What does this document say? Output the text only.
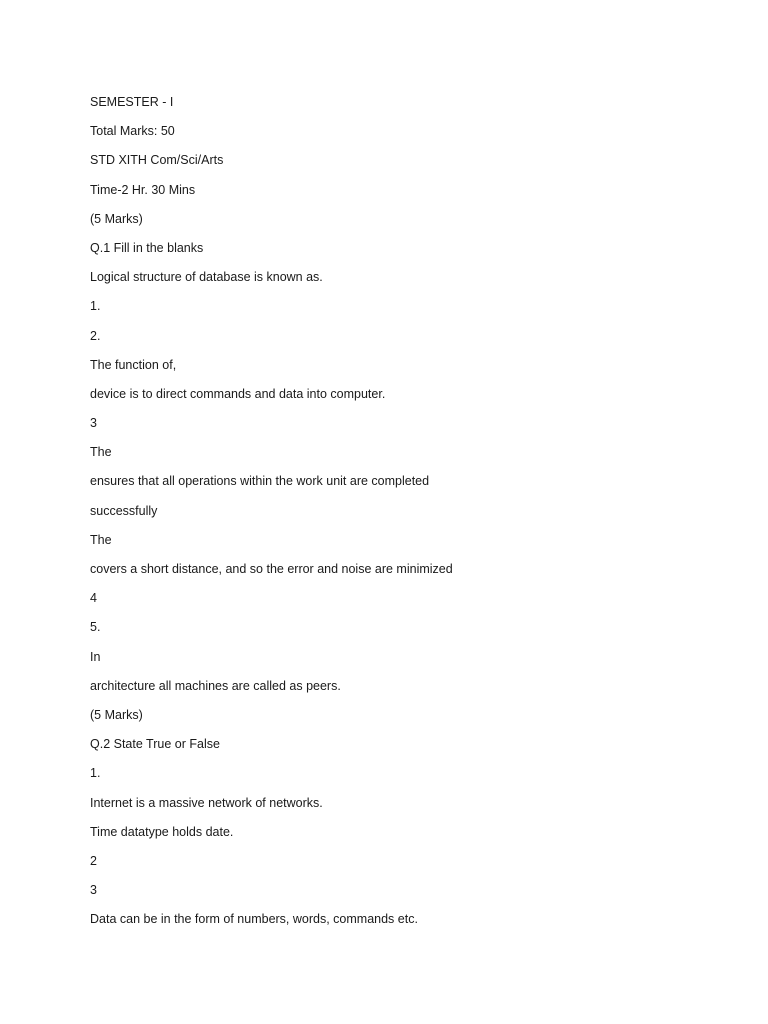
SEMESTER - I
Total Marks: 50
STD XITH Com/Sci/Arts
Time-2 Hr. 30 Mins
(5 Marks)
Q.1 Fill in the blanks
Logical structure of database is known as.
1.
2.
The function of,
device is to direct commands and data into computer.
3
The
ensures that all operations within the work unit are completed
successfully
The
covers a short distance, and so the error and noise are minimized
4
5.
In
architecture all machines are called as peers.
(5 Marks)
Q.2 State True or False
1.
Internet is a massive network of networks.
Time datatype holds date.
2
3
Data can be in the form of numbers, words, commands etc.
